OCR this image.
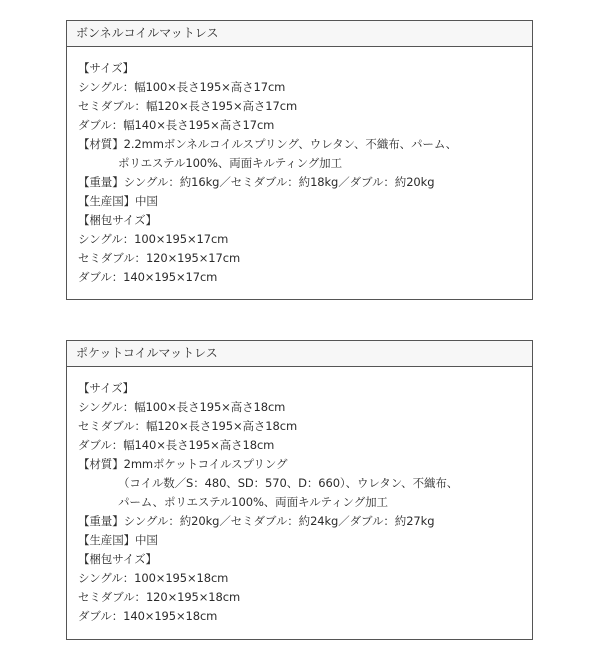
ボンネルコイルマットレス
【サイズ】
シングル：幅100×長さ195×高さ17cm
セミダブル：幅120×長さ195×高さ17cm
ダブル：幅140×長さ195×高さ17cm
【材質】2.2mmボンネルコイルスプリング、ウレタン、不織布、パーム、
ポリエステル100%、両面キルティング加工
【重量】シングル：約16kg／セミダブル：約18kg／ダブル：約20kg
【生産国】中国
【梱包サイズ】
シングル：100×195×17cm
セミダブル：120×195×17cm
ダブル：140×195×17cm
ポケットコイルマットレス
【サイズ】
シングル：幅100×長さ195×高さ18cm
セミダブル：幅120×長さ195×高さ18cm
ダブル：幅140×長さ195×高さ18cm
【材質】2mmポケットコイルスプリング
（コイル数／S：480、SD：570、D：660）、ウレタン、不織布、
パーム、ポリエステル100%、両面キルティング加工
【重量】シングル：約20kg／セミダブル：約24kg／ダブル：約27kg
【生産国】中国
【梱包サイズ】
シングル：100×195×18cm
セミダブル：120×195×18cm
ダブル：140×195×18cm
